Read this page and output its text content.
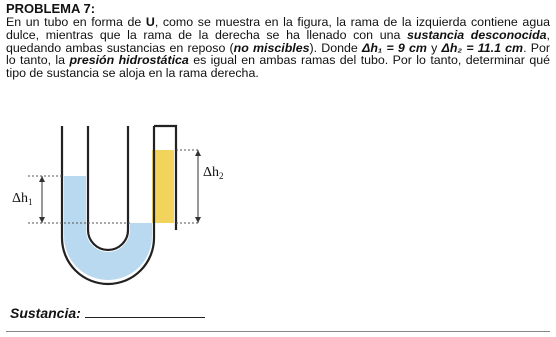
PROBLEMA 7:

En un tubo en forma de U, como se muestra en la figura, la rama de la izquierda contiene agua dulce, mientras que la rama de la derecha se ha llenado con una sustancia desconocida, quedando ambas sustancias en reposo (no miscibles). Donde Δh₁ = 9 cm y Δh₂ = 11.1 cm. Por lo tanto, la presión hidrostática es igual en ambas ramas del tubo. Por lo tanto, determinar qué tipo de sustancia se aloja en la rama derecha.

$\Delta h_1$
$\Delta h_2$
Sustancia:
